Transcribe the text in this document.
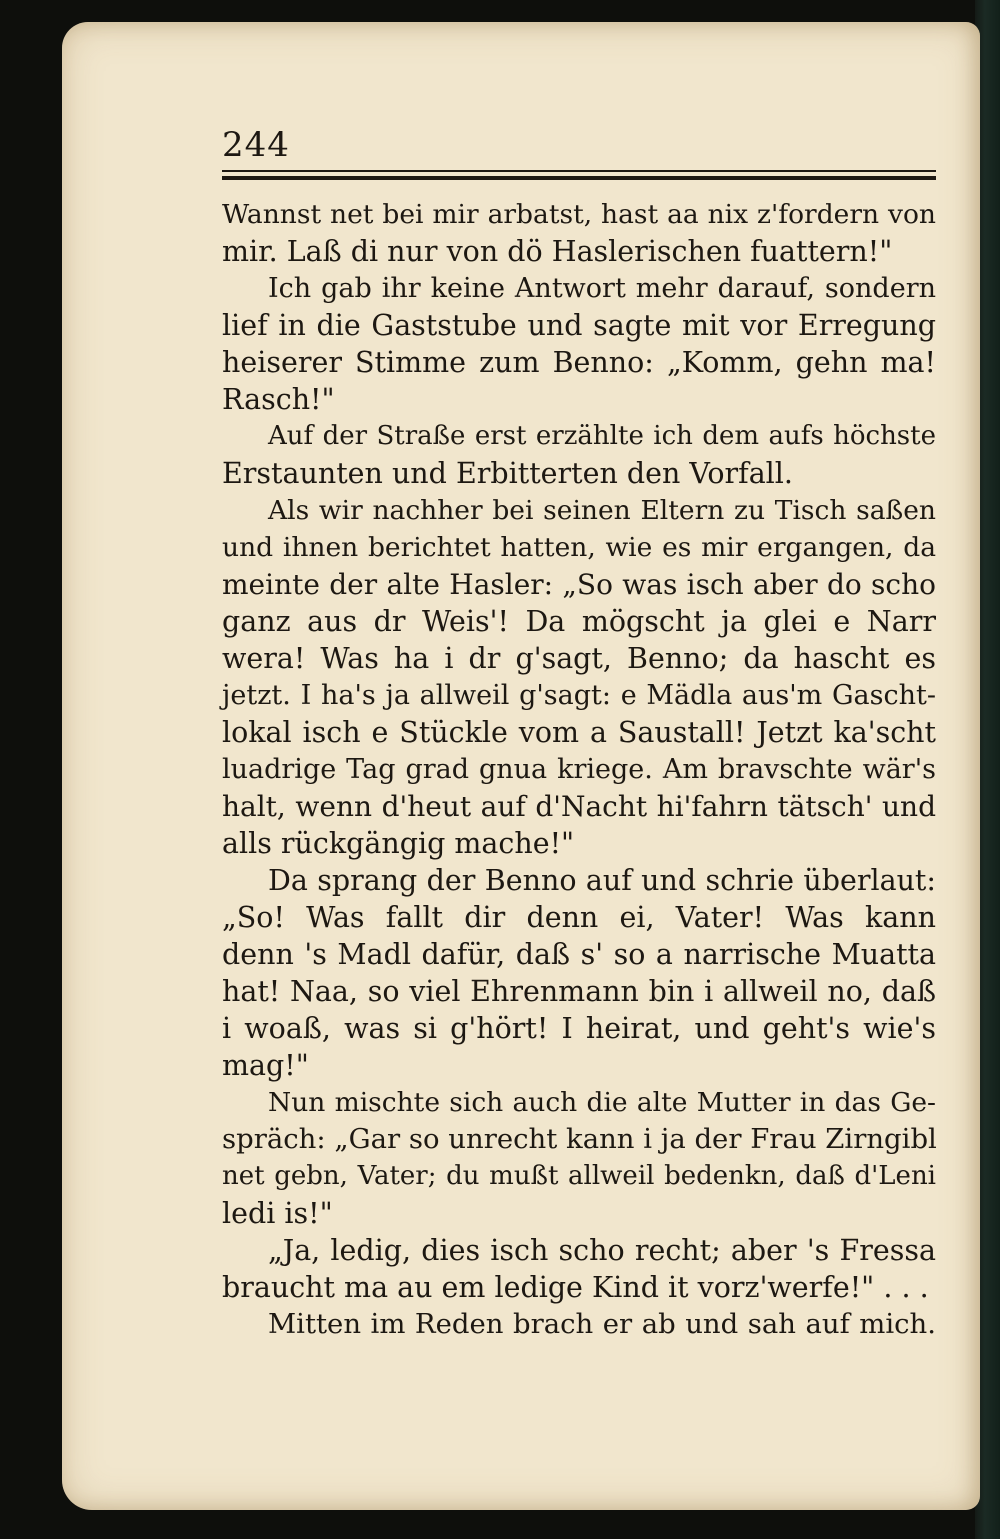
244
Wannst net bei mir arbatst, hast aa nix z'fordern von
mir. Laß di nur von dö Haslerischen fuattern!"
Ich gab ihr keine Antwort mehr darauf, sondern
lief in die Gaststube und sagte mit vor Erregung
heiserer Stimme zum Benno: „Komm, gehn ma!
Rasch!"
Auf der Straße erst erzählte ich dem aufs höchste
Erstaunten und Erbitterten den Vorfall.
Als wir nachher bei seinen Eltern zu Tisch saßen
und ihnen berichtet hatten, wie es mir ergangen, da
meinte der alte Hasler: „So was isch aber do scho
ganz aus dr Weis'! Da mögscht ja glei e Narr
wera! Was ha i dr g'sagt, Benno; da hascht es
jetzt. I ha's ja allweil g'sagt: e Mädla aus'm Gascht-
lokal isch e Stückle vom a Saustall! Jetzt ka'scht
luadrige Tag grad gnua kriege. Am bravschte wär's
halt, wenn d'heut auf d'Nacht hi'fahrn tätsch' und
alls rückgängig mache!"
Da sprang der Benno auf und schrie überlaut:
„So! Was fallt dir denn ei, Vater! Was kann
denn 's Madl dafür, daß s' so a narrische Muatta
hat! Naa, so viel Ehrenmann bin i allweil no, daß
i woaß, was si g'hört! I heirat, und geht's wie's
mag!"
Nun mischte sich auch die alte Mutter in das Ge-
spräch: „Gar so unrecht kann i ja der Frau Zirngibl
net gebn, Vater; du mußt allweil bedenkn, daß d'Leni
ledi is!"
„Ja, ledig, dies isch scho recht; aber 's Fressa
braucht ma au em ledige Kind it vorz'werfe!" . . .
Mitten im Reden brach er ab und sah auf mich.
